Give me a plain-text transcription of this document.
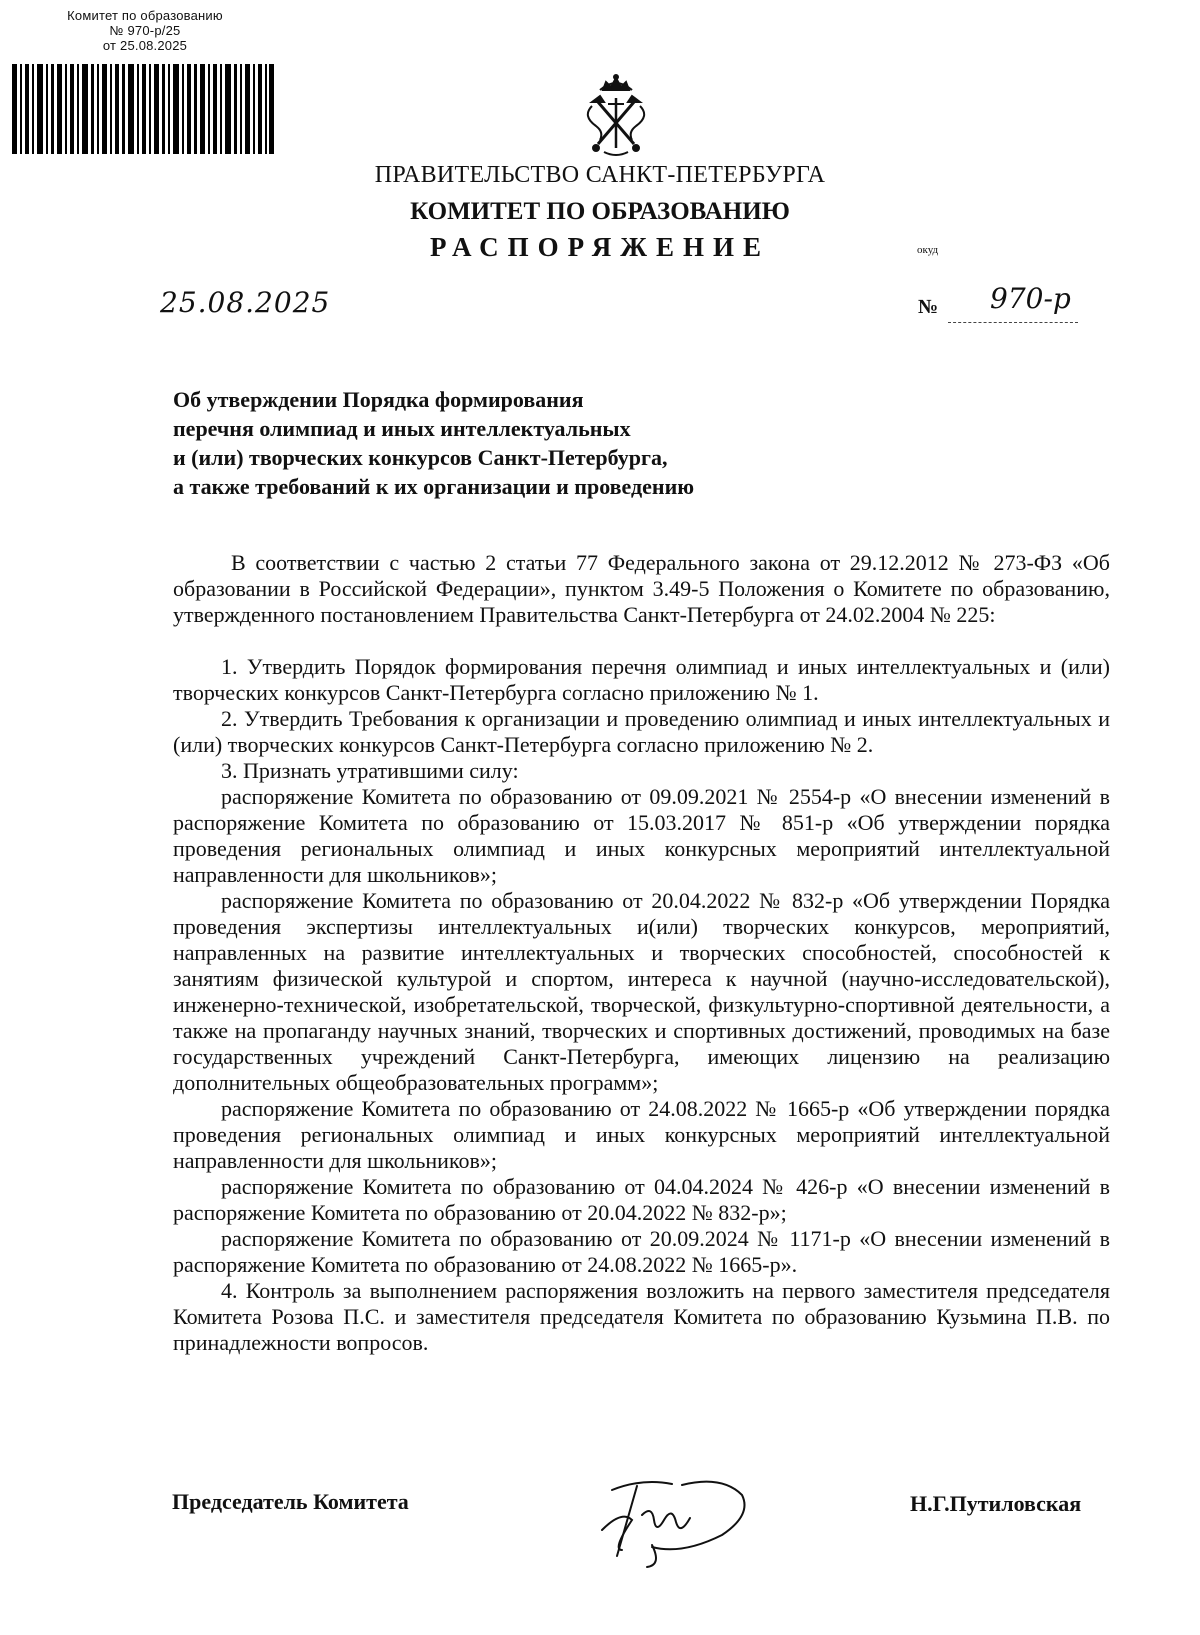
Комитет по образованию
№ 970-р/25
от 25.08.2025
ПРАВИТЕЛЬСТВО САНКТ-ПЕТЕРБУРГА
КОМИТЕТ ПО ОБРАЗОВАНИЮ
РАСПОРЯЖЕНИЕ	окуд
25.08.2025	№ 970-р
Об утверждении Порядка формирования
перечня олимпиад и иных интеллектуальных
и (или) творческих конкурсов Санкт-Петербурга,
а также требований к их организации и проведению

В соответствии с частью 2 статьи 77 Федерального закона от 29.12.2012 № 273-ФЗ «Об образовании в Российской Федерации», пунктом 3.49-5 Положения о Комитете по образованию, утвержденного постановлением Правительства Санкт-Петербурга от 24.02.2004 № 225:

1. Утвердить Порядок формирования перечня олимпиад и иных интеллектуальных и (или) творческих конкурсов Санкт-Петербурга согласно приложению № 1.

2. Утвердить Требования к организации и проведению олимпиад и иных интеллектуальных и (или) творческих конкурсов Санкт-Петербурга согласно приложению № 2.

3. Признать утратившими силу:

распоряжение Комитета по образованию от 09.09.2021 № 2554-р «О внесении изменений в распоряжение Комитета по образованию от 15.03.2017 № 851-р «Об утверждении порядка проведения региональных олимпиад и иных конкурсных мероприятий интеллектуальной направленности для школьников»;

распоряжение Комитета по образованию от 20.04.2022 № 832-р «Об утверждении Порядка проведения экспертизы интеллектуальных и(или) творческих конкурсов, мероприятий, направленных на развитие интеллектуальных и творческих способностей, способностей к занятиям физической культурой и спортом, интереса к научной (научно-исследовательской), инженерно-технической, изобретательской, творческой, физкультурно-спортивной деятельности, а также на пропаганду научных знаний, творческих и спортивных достижений, проводимых на базе государственных учреждений Санкт-Петербурга, имеющих лицензию на реализацию дополнительных общеобразовательных программ»;

распоряжение Комитета по образованию от 24.08.2022 № 1665-р «Об утверждении порядка проведения региональных олимпиад и иных конкурсных мероприятий интеллектуальной направленности для школьников»;

распоряжение Комитета по образованию от 04.04.2024 № 426-р «О внесении изменений в распоряжение Комитета по образованию от 20.04.2022 № 832-р»;

распоряжение Комитета по образованию от 20.09.2024 № 1171-р «О внесении изменений в распоряжение Комитета по образованию от 24.08.2022 № 1665-р».

4. Контроль за выполнением распоряжения возложить на первого заместителя председателя Комитета Розова П.С. и заместителя председателя Комитета по образованию Кузьмина П.В. по принадлежности вопросов.

Председатель Комитета	Н.Г.Путиловская
